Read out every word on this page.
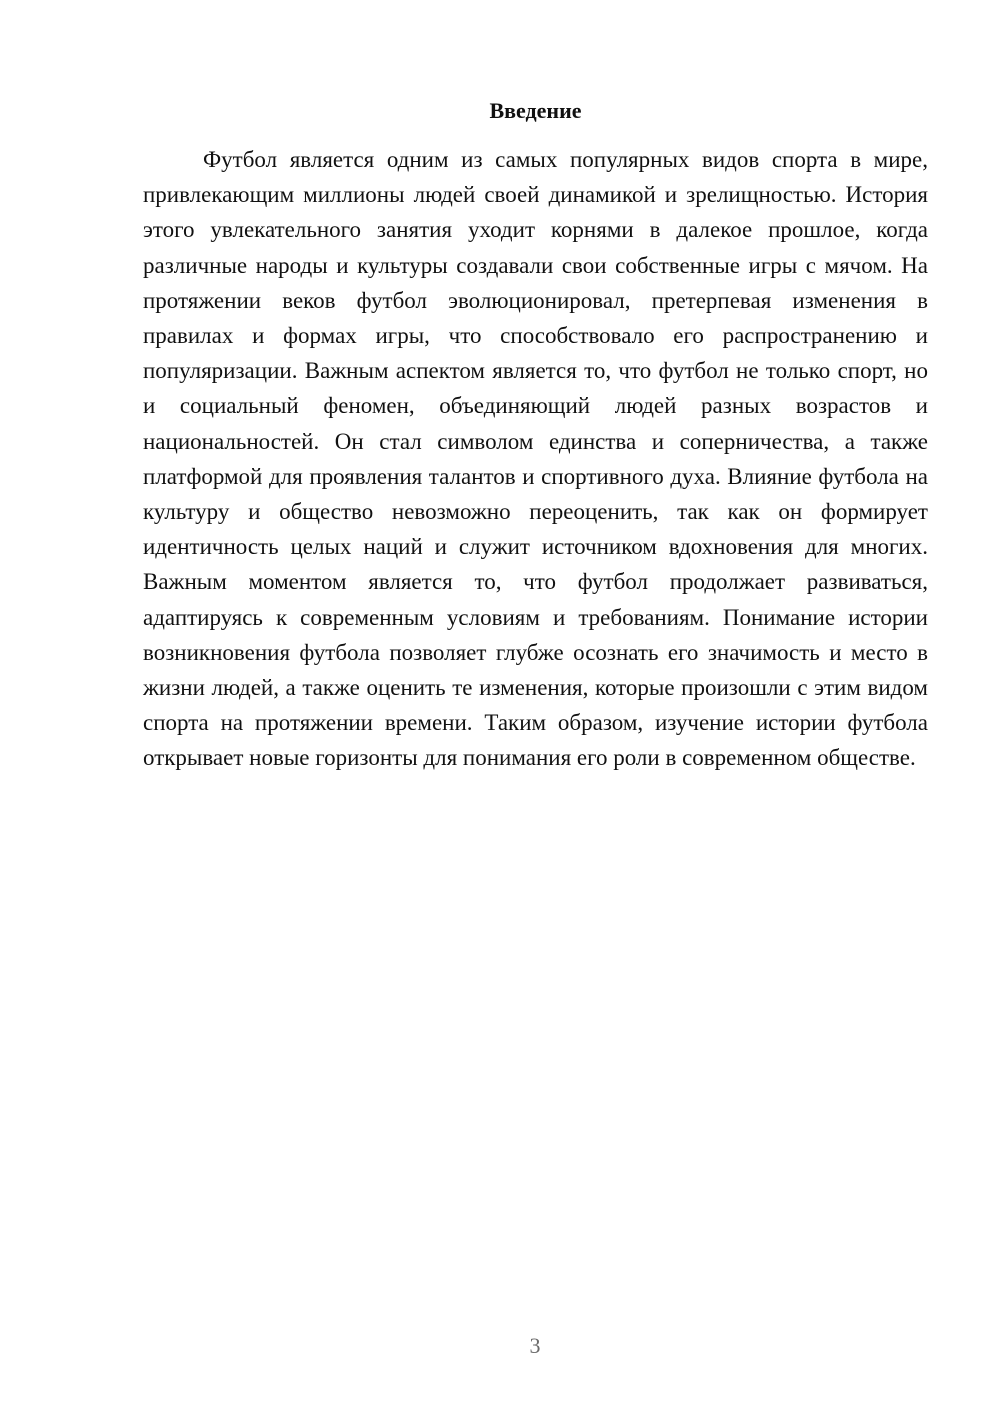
Введение

Футбол является одним из самых популярных видов спорта в мире, привлекающим миллионы людей своей динамикой и зрелищностью. История этого увлекательного занятия уходит корнями в далекое прошлое, когда различные народы и культуры создавали свои собственные игры с мячом. На протяжении веков футбол эволюционировал, претерпевая изменения в правилах и формах игры, что способствовало его распространению и популяризации. Важным аспектом является то, что футбол не только спорт, но и социальный феномен, объединяющий людей разных возрастов и национальностей. Он стал символом единства и соперничества, а также платформой для проявления талантов и спортивного духа. Влияние футбола на культуру и общество невозможно переоценить, так как он формирует идентичность целых наций и служит источником вдохновения для многих. Важным моментом является то, что футбол продолжает развиваться, адаптируясь к современным условиям и требованиям. Понимание истории возникновения футбола позволяет глубже осознать его значимость и место в жизни людей, а также оценить те изменения, которые произошли с этим видом спорта на протяжении времени. Таким образом, изучение истории футбола открывает новые горизонты для понимания его роли в современном обществе.

3
